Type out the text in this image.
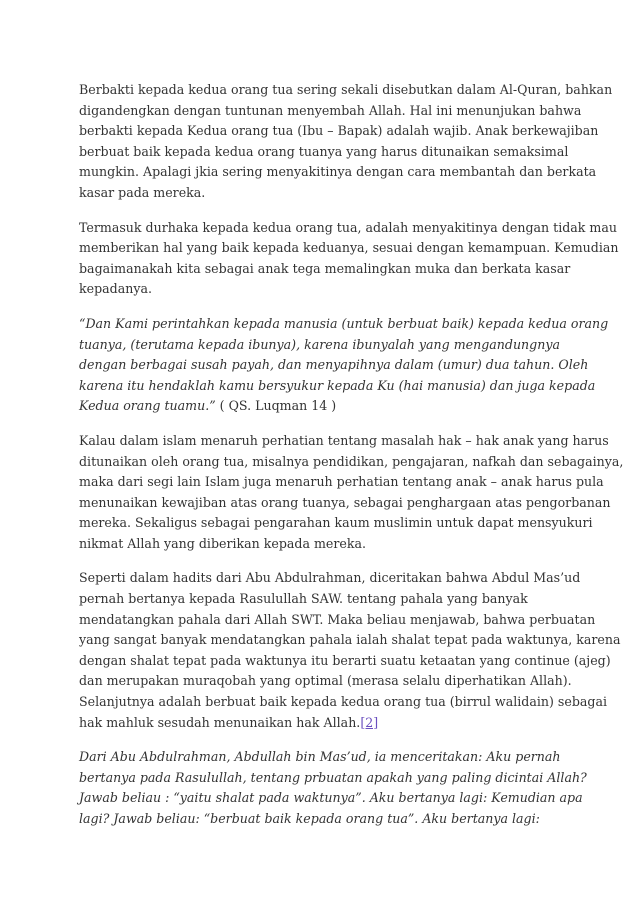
Berbakti kepada kedua orang tua sering sekali disebutkan dalam Al-Quran, bahkan
digandengkan dengan tuntunan menyembah Allah. Hal ini menunjukan bahwa
berbakti kepada Kedua orang tua (Ibu – Bapak) adalah wajib. Anak berkewajiban
berbuat baik kepada kedua orang tuanya yang harus ditunaikan semaksimal
mungkin. Apalagi jkia sering menyakitinya dengan cara membantah dan berkata
kasar pada mereka.

Termasuk durhaka kepada kedua orang tua, adalah menyakitinya dengan tidak mau
memberikan hal yang baik kepada keduanya, sesuai dengan kemampuan. Kemudian
bagaimanakah kita sebagai anak tega memalingkan muka dan berkata kasar
kepadanya.

“Dan Kami perintahkan kepada manusia (untuk berbuat baik) kepada kedua orang
tuanya, (terutama kepada ibunya), karena ibunyalah yang mengandungnya
dengan berbagai susah payah, dan menyapihnya dalam (umur) dua tahun. Oleh
karena itu hendaklah kamu bersyukur kepada Ku (hai manusia) dan juga kepada
Kedua orang tuamu.” ( QS. Luqman 14 )

Kalau dalam islam menaruh perhatian tentang masalah hak – hak anak yang harus
ditunaikan oleh orang tua, misalnya pendidikan, pengajaran, nafkah dan sebagainya,
maka dari segi lain Islam juga menaruh perhatian tentang anak – anak harus pula
menunaikan kewajiban atas orang tuanya, sebagai penghargaan atas pengorbanan
mereka. Sekaligus sebagai pengarahan kaum muslimin untuk dapat mensyukuri
nikmat Allah yang diberikan kepada mereka.

Seperti dalam hadits dari Abu Abdulrahman, diceritakan bahwa Abdul Mas’ud
pernah bertanya kepada Rasulullah SAW. tentang pahala yang banyak
mendatangkan pahala dari Allah SWT. Maka beliau menjawab, bahwa perbuatan
yang sangat banyak mendatangkan pahala ialah shalat tepat pada waktunya, karena
dengan shalat tepat pada waktunya itu berarti suatu ketaatan yang continue (ajeg)
dan merupakan muraqobah yang optimal (merasa selalu diperhatikan Allah).
Selanjutnya adalah berbuat baik kepada kedua orang tua (birrul walidain) sebagai
hak mahluk sesudah menunaikan hak Allah.[2]

Dari Abu Abdulrahman, Abdullah bin Mas’ud, ia menceritakan: Aku pernah
bertanya pada Rasulullah, tentang prbuatan apakah yang paling dicintai Allah?
Jawab beliau : “yaitu shalat pada waktunya”. Aku bertanya lagi: Kemudian apa
lagi? Jawab beliau: “berbuat baik kepada orang tua”. Aku bertanya lagi:
